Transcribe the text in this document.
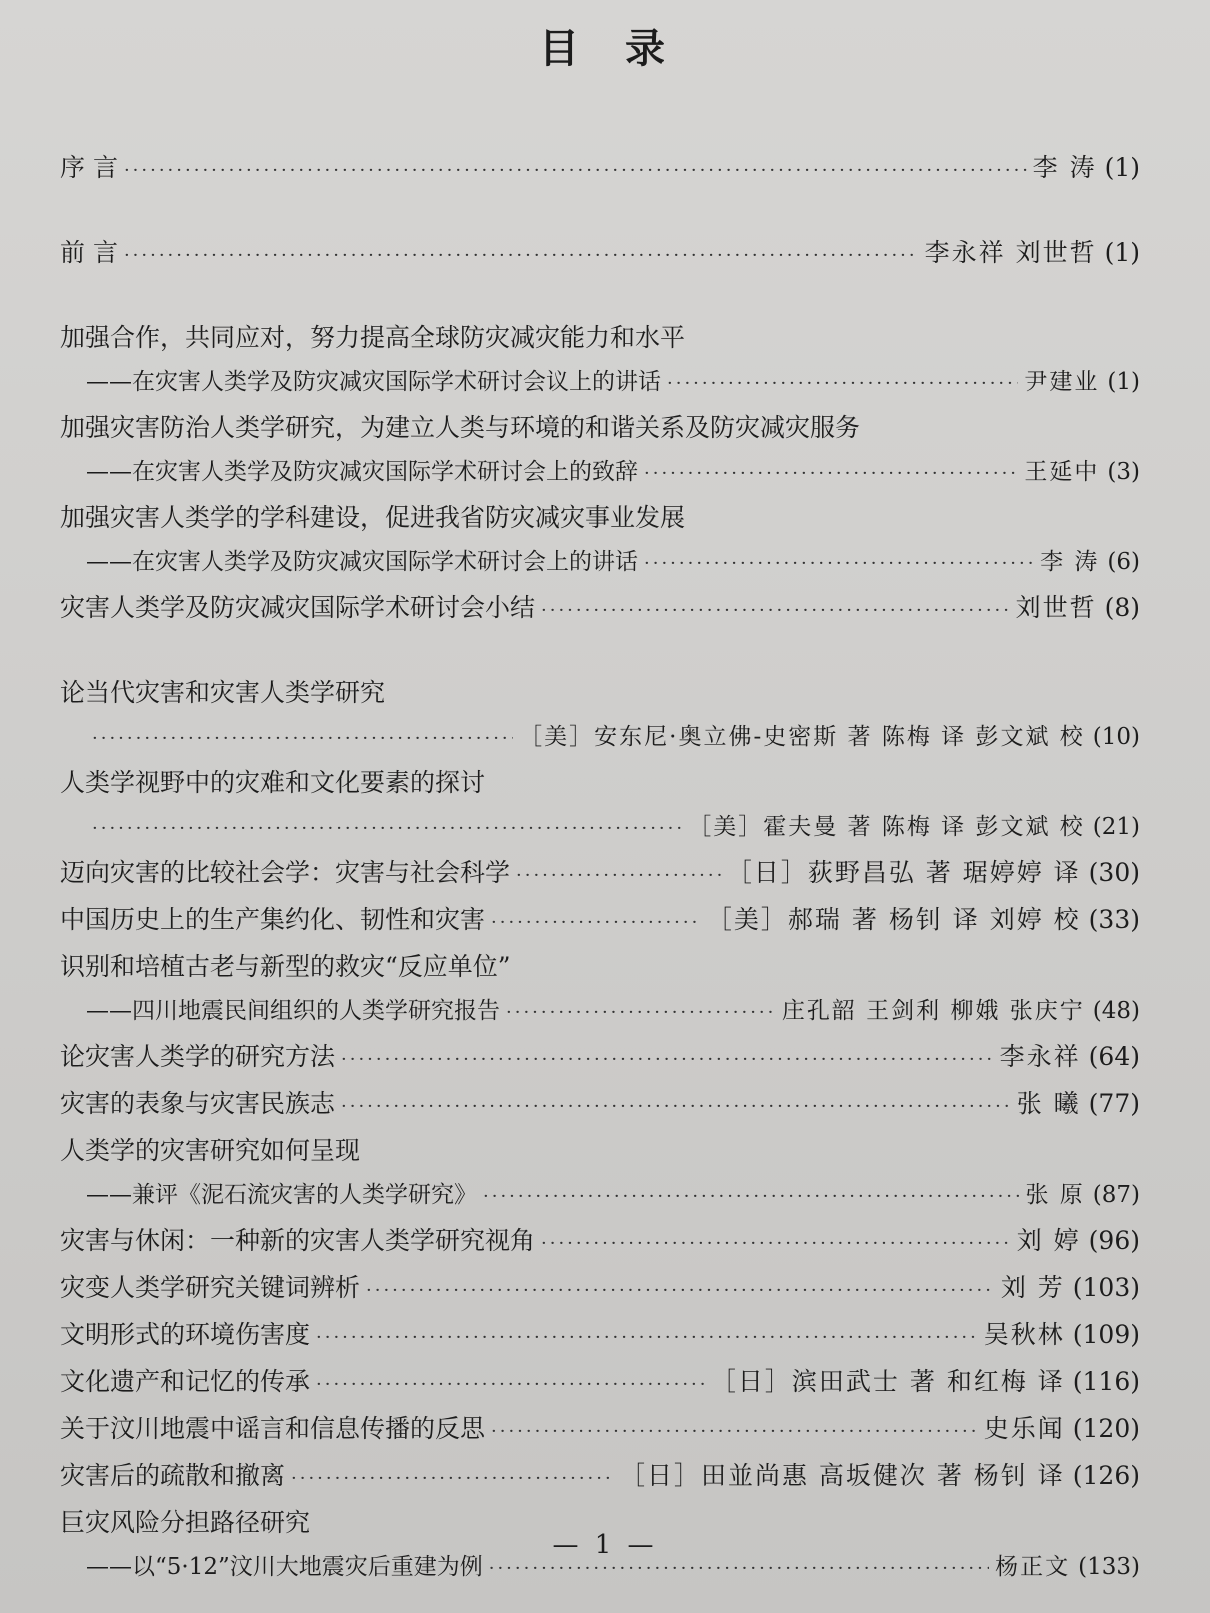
目 录
序 言 ·····	李 涛 (1)
前 言 ·····	李永祥 刘世哲 (1)
加强合作，共同应对，努力提高全球防灾减灾能力和水平
——在灾害人类学及防灾减灾国际学术研讨会议上的讲话 ·····	尹建业 (1)
加强灾害防治人类学研究，为建立人类与环境的和谐关系及防灾减灾服务
——在灾害人类学及防灾减灾国际学术研讨会上的致辞 ·····	王延中 (3)
加强灾害人类学的学科建设，促进我省防灾减灾事业发展
——在灾害人类学及防灾减灾国际学术研讨会上的讲话 ·····	李 涛 (6)
灾害人类学及防灾减灾国际学术研讨会小结 ·····	刘世哲 (8)
论当代灾害和灾害人类学研究
·····
［美］安东尼·奥立佛-史密斯 著 陈梅 译 彭文斌 校 (10)
人类学视野中的灾难和文化要素的探讨
·····
［美］霍夫曼 著 陈梅 译 彭文斌 校 (21)
迈向灾害的比较社会学：灾害与社会科学 ·····	［日］荻野昌弘 著 琚婷婷 译 (30)
中国历史上的生产集约化、韧性和灾害 ·····	［美］郝瑞 著 杨钊 译 刘婷 校 (33)
识别和培植古老与新型的救灾“反应单位”
——四川地震民间组织的人类学研究报告 ·····	庄孔韶 王剑利 柳娥 张庆宁 (48)
论灾害人类学的研究方法 ·····	李永祥 (64)
灾害的表象与灾害民族志 ·····	张 曦 (77)
人类学的灾害研究如何呈现
——兼评《泥石流灾害的人类学研究》 ·····	张 原 (87)
灾害与休闲：一种新的灾害人类学研究视角 ·····	刘 婷 (96)
灾变人类学研究关键词辨析 ·····	刘 芳 (103)
文明形式的环境伤害度 ·····	吴秋林 (109)
文化遗产和记忆的传承 ·····	［日］滨田武士 著 和红梅 译 (116)
关于汶川地震中谣言和信息传播的反思 ·····	史乐闻 (120)
灾害后的疏散和撤离 ·····	［日］田並尚惠 高坂健次 著 杨钊 译 (126)
巨灾风险分担路径研究
——以“5·12”汶川大地震灾后重建为例 ·····	杨正文 (133)
— 1 —
